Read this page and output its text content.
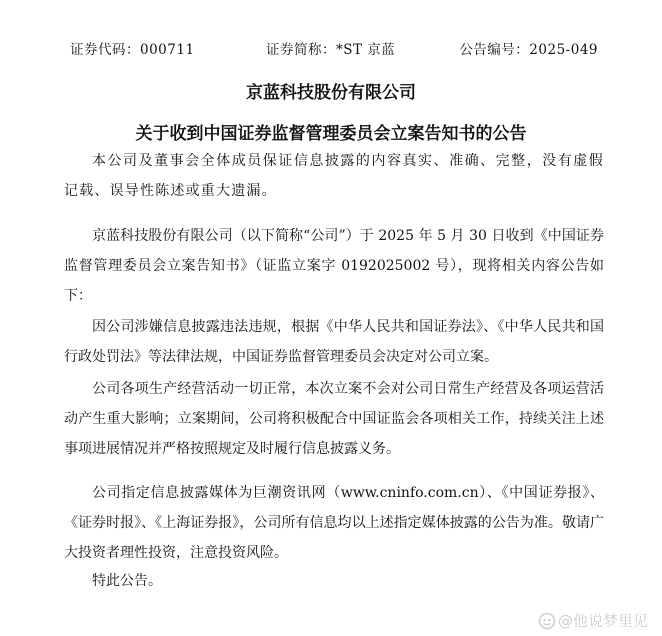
证券代码：000711	证券简称：*ST 京蓝	公告编号：2025-049
京蓝科技股份有限公司
关于收到中国证券监督管理委员会立案告知书的公告
本公司及董事会全体成员保证信息披露的内容真实、准确、完整，没有虚假记载、误导性陈述或重大遗漏。
京蓝科技股份有限公司（以下简称“公司”）于 2025 年 5 月 30 日收到《中国证券监督管理委员会立案告知书》（证监立案字 0192025002 号），现将相关内容公告如下：
因公司涉嫌信息披露违法违规，根据《中华人民共和国证券法》、《中华人民共和国行政处罚法》等法律法规，中国证券监督管理委员会决定对公司立案。
公司各项生产经营活动一切正常，本次立案不会对公司日常生产经营及各项运营活动产生重大影响；立案期间，公司将积极配合中国证监会各项相关工作，持续关注上述事项进展情况并严格按照规定及时履行信息披露义务。
公司指定信息披露媒体为巨潮资讯网（www.cninfo.com.cn）、《中国证券报》、《证券时报》、《上海证券报》，公司所有信息均以上述指定媒体披露的公告为准。敬请广大投资者理性投资，注意投资风险。
特此公告。
@他说梦里见
